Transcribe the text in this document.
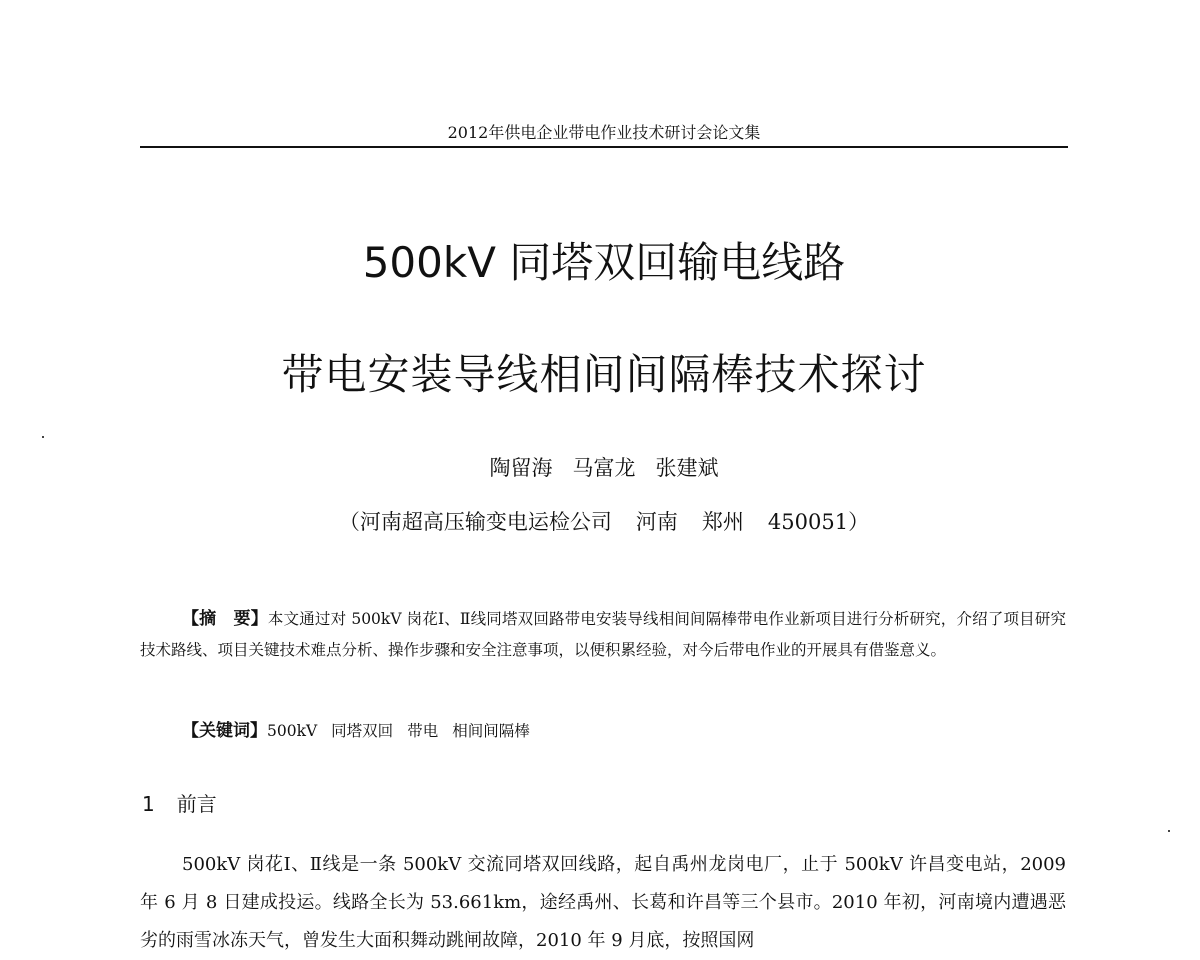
2012年供电企业带电作业技术研讨会论文集
500kV 同塔双回输电线路
带电安装导线相间间隔棒技术探讨
陶留海 马富龙 张建斌
（河南超高压输变电运检公司 河南 郑州 450051）

【摘　要】本文通过对 500kV 岗花Ⅰ、Ⅱ线同塔双回路带电安装导线相间间隔棒带电作业新项目进行分析研究，介绍了项目研究技术路线、项目关键技术难点分析、操作步骤和安全注意事项，以便积累经验，对今后带电作业的开展具有借鉴意义。

【关键词】500kV 同塔双回 带电 相间间隔棒
1 前言

500kV 岗花Ⅰ、Ⅱ线是一条 500kV 交流同塔双回线路，起自禹州龙岗电厂，止于 500kV 许昌变电站，2009 年 6 月 8 日建成投运。线路全长为 53.661km，途经禹州、长葛和许昌等三个县市。2010 年初，河南境内遭遇恶劣的雨雪冰冻天气，曾发生大面积舞动跳闸故障，2010 年 9 月底，按照国网
